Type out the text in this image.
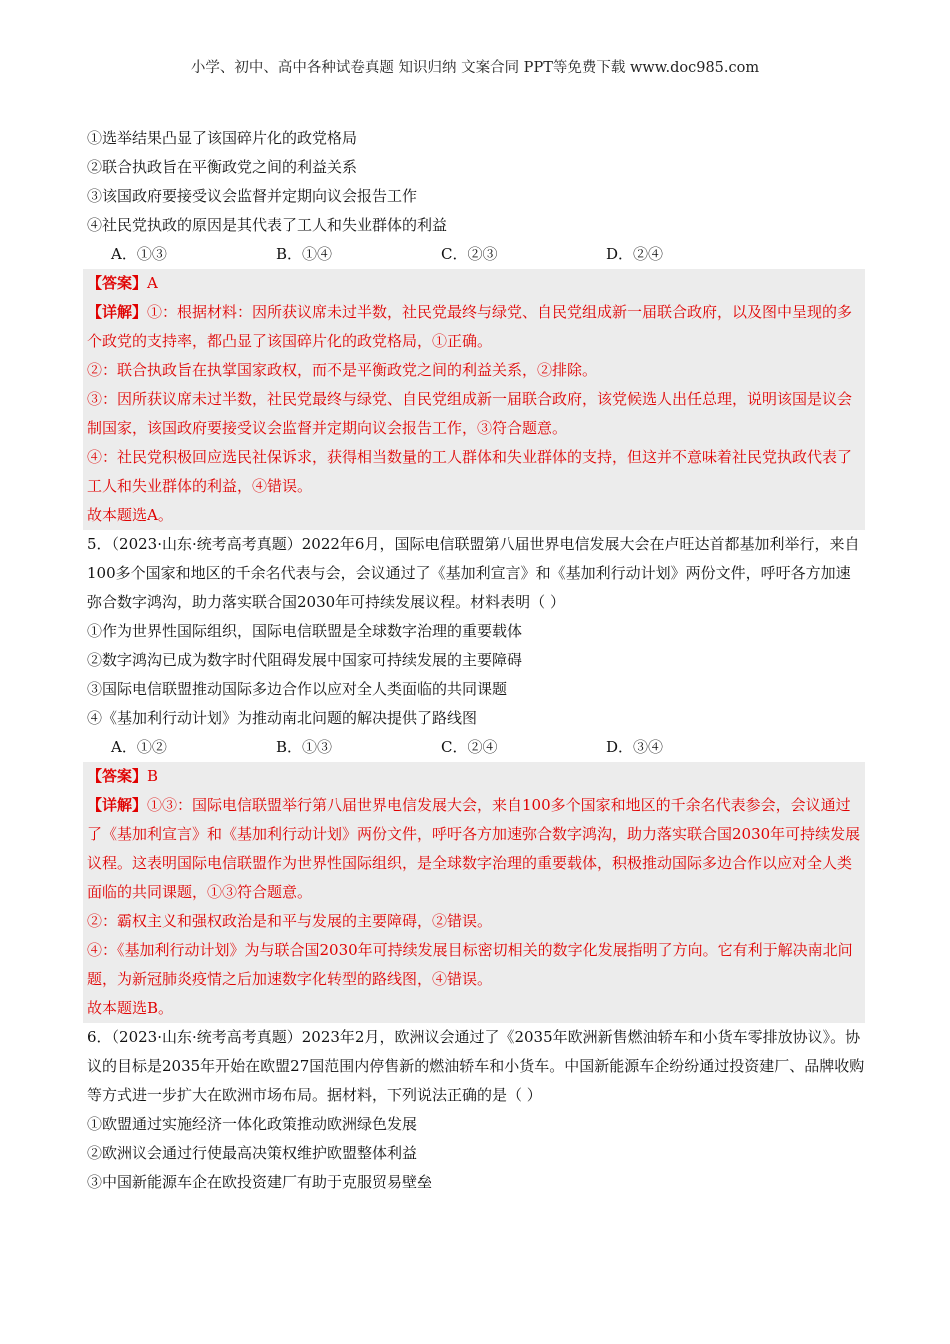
小学、初中、高中各种试卷真题 知识归纳 文案合同 PPT等免费下载 www.doc985.com

①选举结果凸显了该国碎片化的政党格局

②联合执政旨在平衡政党之间的利益关系

③该国政府要接受议会监督并定期向议会报告工作

④社民党执政的原因是其代表了工人和失业群体的利益

A．①③	B．①④	C．②③	D．②④

【答案】A

【详解】①：根据材料：因所获议席未过半数，社民党最终与绿党、自民党组成新一届联合政府，以及图中呈现的多个政党的支持率，都凸显了该国碎片化的政党格局，①正确。

②：联合执政旨在执掌国家政权，而不是平衡政党之间的利益关系，②排除。

③：因所获议席未过半数，社民党最终与绿党、自民党组成新一届联合政府，该党候选人出任总理，说明该国是议会制国家，该国政府要接受议会监督并定期向议会报告工作，③符合题意。

④：社民党积极回应选民社保诉求，获得相当数量的工人群体和失业群体的支持，但这并不意味着社民党执政代表了工人和失业群体的利益，④错误。

故本题选A。

5．（2023·山东·统考高考真题）2022年6月，国际电信联盟第八届世界电信发展大会在卢旺达首都基加利举行，来自100多个国家和地区的千余名代表与会，会议通过了《基加利宣言》和《基加利行动计划》两份文件，呼吁各方加速弥合数字鸿沟，助力落实联合国2030年可持续发展议程。材料表明（ ）

①作为世界性国际组织，国际电信联盟是全球数字治理的重要载体

②数字鸿沟已成为数字时代阻碍发展中国家可持续发展的主要障碍

③国际电信联盟推动国际多边合作以应对全人类面临的共同课题

④《基加利行动计划》为推动南北问题的解决提供了路线图

A．①②	B．①③	C．②④	D．③④

【答案】B

【详解】①③：国际电信联盟举行第八届世界电信发展大会，来自100多个国家和地区的千余名代表参会，会议通过了《基加利宣言》和《基加利行动计划》两份文件，呼吁各方加速弥合数字鸿沟，助力落实联合国2030年可持续发展议程。这表明国际电信联盟作为世界性国际组织，是全球数字治理的重要载体，积极推动国际多边合作以应对全人类面临的共同课题，①③符合题意。

②：霸权主义和强权政治是和平与发展的主要障碍，②错误。

④：《基加利行动计划》为与联合国2030年可持续发展目标密切相关的数字化发展指明了方向。它有利于解决南北问题，为新冠肺炎疫情之后加速数字化转型的路线图，④错误。

故本题选B。

6．（2023·山东·统考高考真题）2023年2月，欧洲议会通过了《2035年欧洲新售燃油轿车和小货车零排放协议》。协议的目标是2035年开始在欧盟27国范围内停售新的燃油轿车和小货车。中国新能源车企纷纷通过投资建厂、品牌收购等方式进一步扩大在欧洲市场布局。据材料，下列说法正确的是（ ）

①欧盟通过实施经济一体化政策推动欧洲绿色发展

②欧洲议会通过行使最高决策权维护欧盟整体利益

③中国新能源车企在欧投资建厂有助于克服贸易壁垒
